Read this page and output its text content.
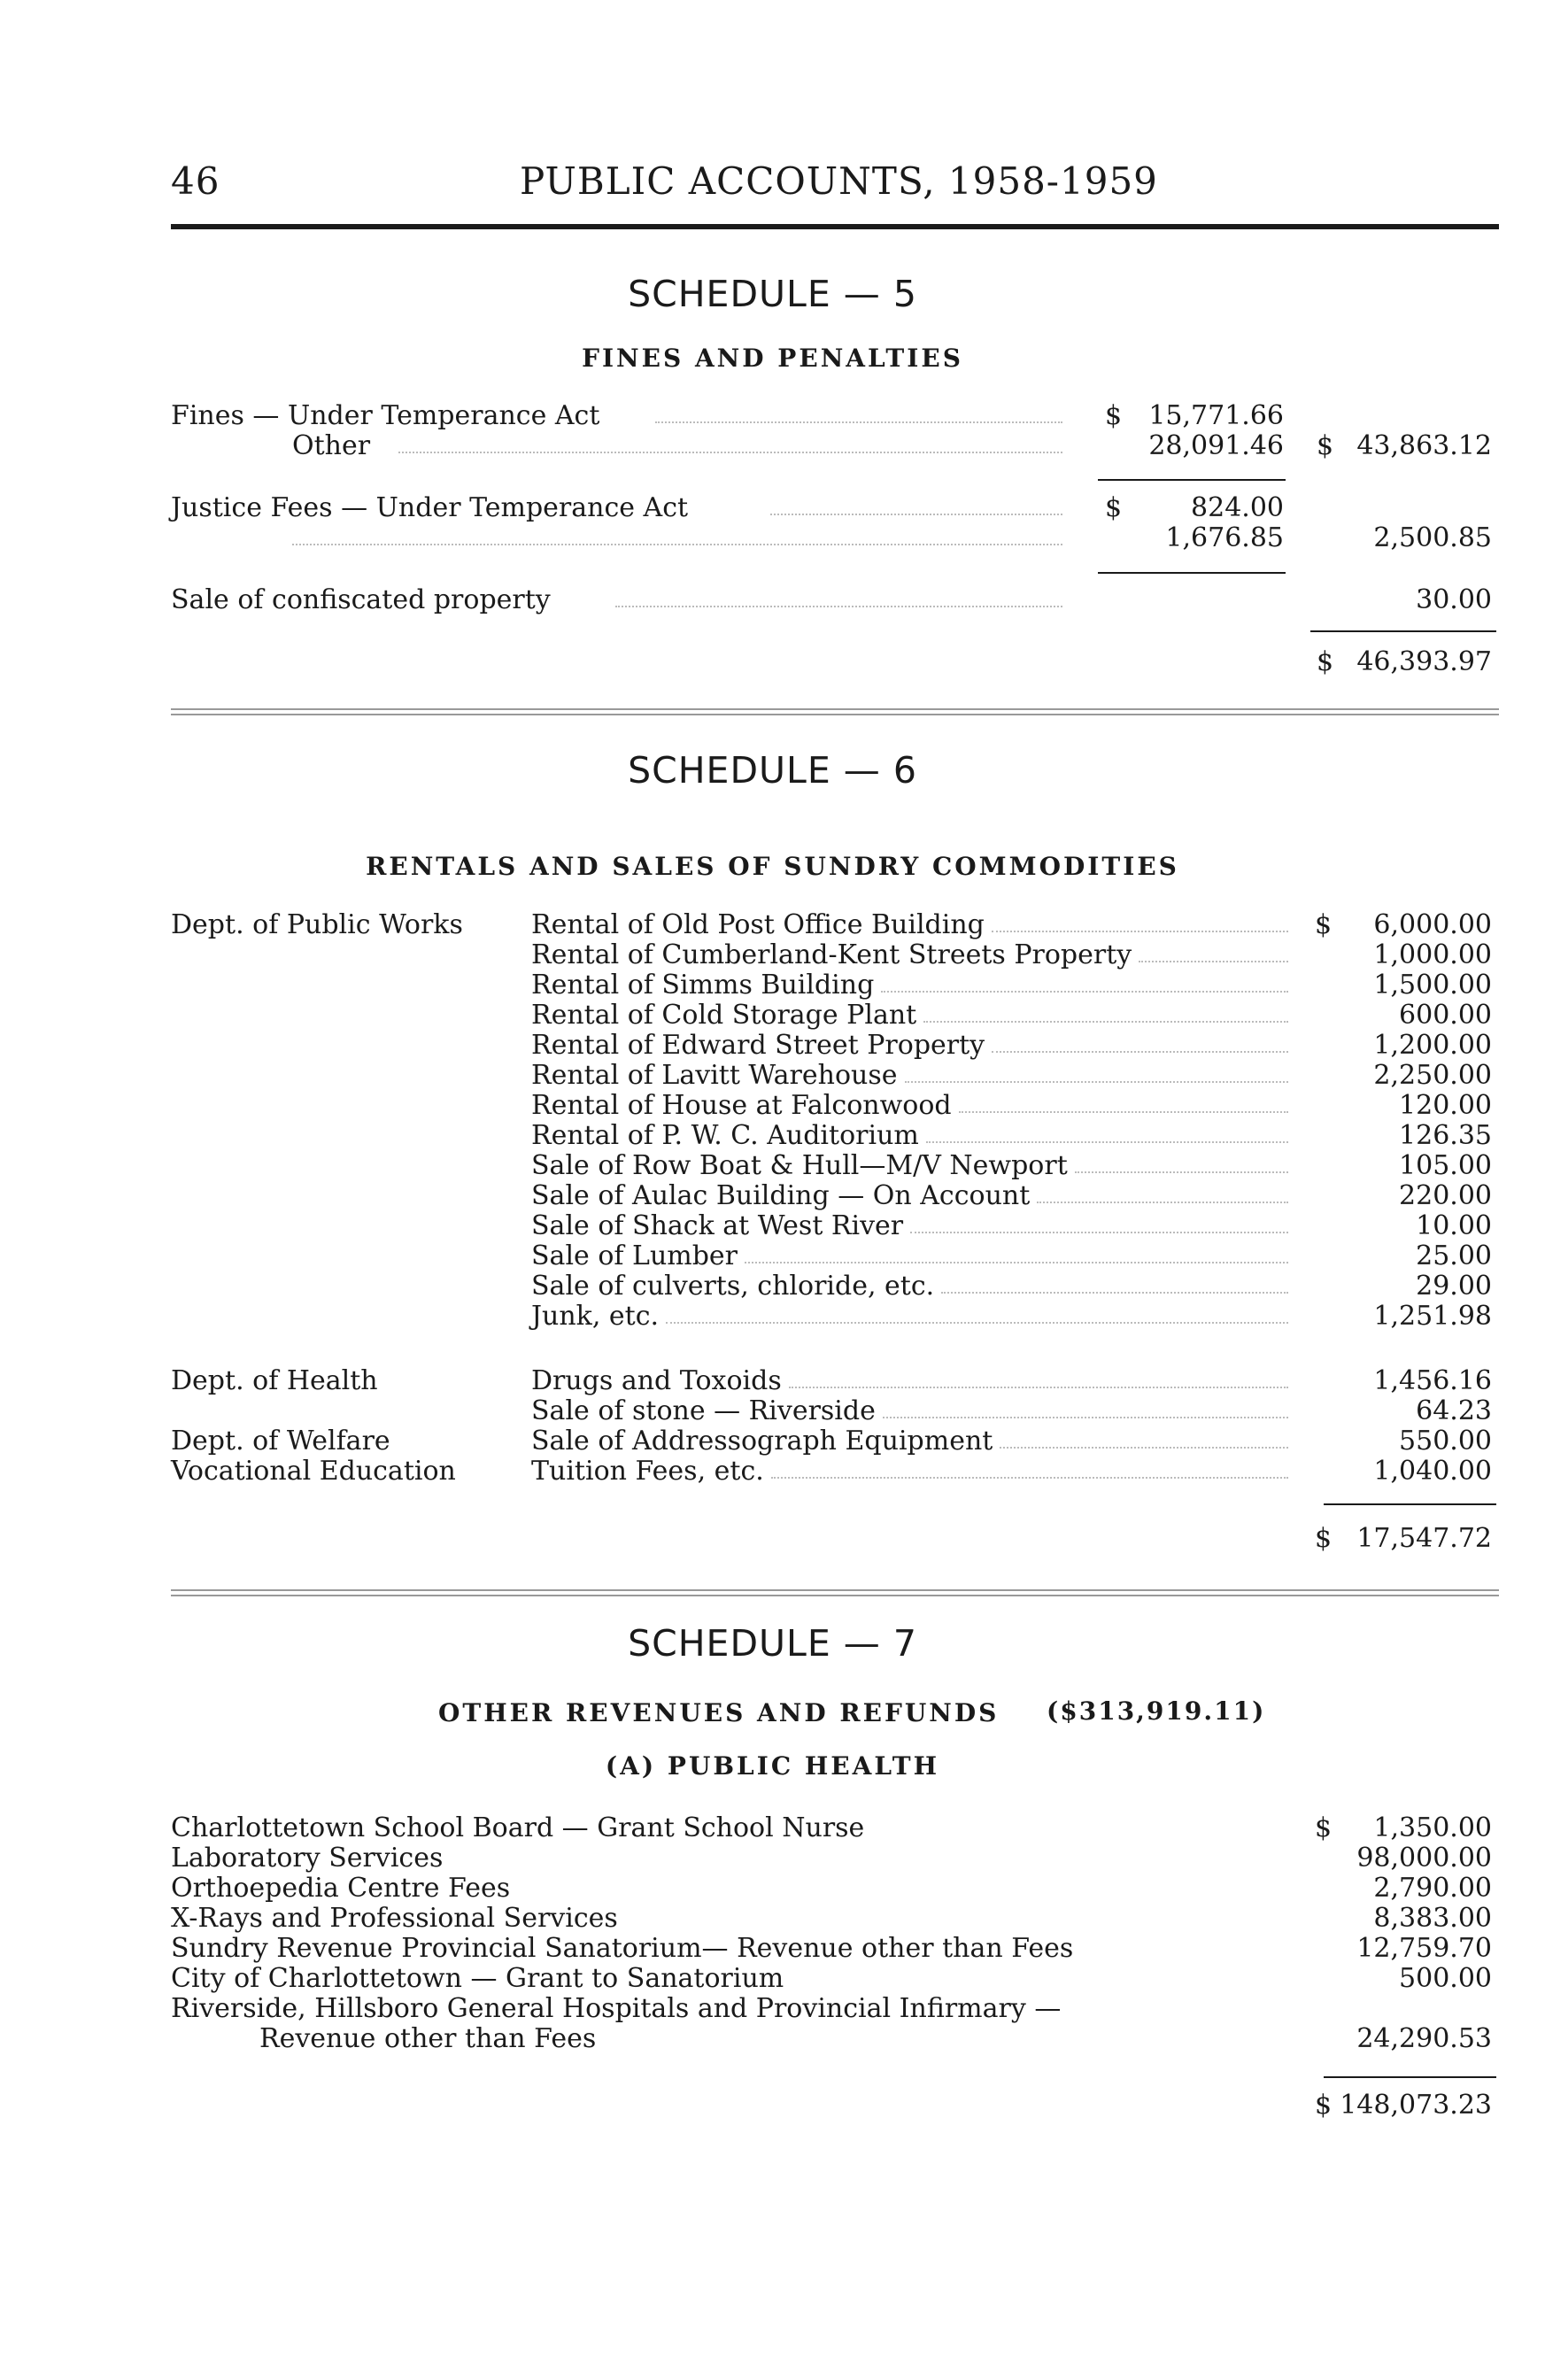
46	PUBLIC ACCOUNTS, 1958-1959
SCHEDULE — 5
FINES AND PENALTIES
Fines — Under Temperance Act	$	15,771.66
Other	28,091.46 $ 43,863.12
Justice Fees — Under Temperance Act	$	824.00
1,676.85	2,500.85
Sale of confiscated property	30.00
$ 46,393.97
SCHEDULE — 6
RENTALS AND SALES OF SUNDRY COMMODITIES
Dept. of Public Works	Rental of Old Post Office Building	$	6,000.00
Rental of Cumberland-Kent Streets Property	1,000.00
Rental of Simms Building	1,500.00
Rental of Cold Storage Plant	600.00
Rental of Edward Street Property	1,200.00
Rental of Lavitt Warehouse	2,250.00
Rental of House at Falconwood	120.00
Rental of P. W. C. Auditorium	126.35
Sale of Row Boat & Hull—M/V Newport	105.00
Sale of Aulac Building — On Account	220.00
Sale of Shack at West River	10.00
Sale of Lumber	25.00
Sale of culverts, chloride, etc.	29.00
Junk, etc.	1,251.98
Dept. of Health	Drugs and Toxoids	1,456.16
Sale of stone — Riverside	64.23
Dept. of Welfare	Sale of Addressograph Equipment	550.00
Vocational Education	Tuition Fees, etc.	1,040.00
$ 17,547.72
SCHEDULE — 7
OTHER REVENUES AND REFUNDS ($313,919.11)
(A) PUBLIC HEALTH
Charlottetown School Board — Grant School Nurse	$	1,350.00
Laboratory Services	98,000.00
Orthoepedia Centre Fees	2,790.00
X-Rays and Professional Services	8,383.00
Sundry Revenue Provincial Sanatorium— Revenue other than Fees	12,759.70
City of Charlottetown — Grant to Sanatorium	500.00
Riverside, Hillsboro General Hospitals and Provincial Infirmary —
Revenue other than Fees	24,290.53
$ 148,073.23
